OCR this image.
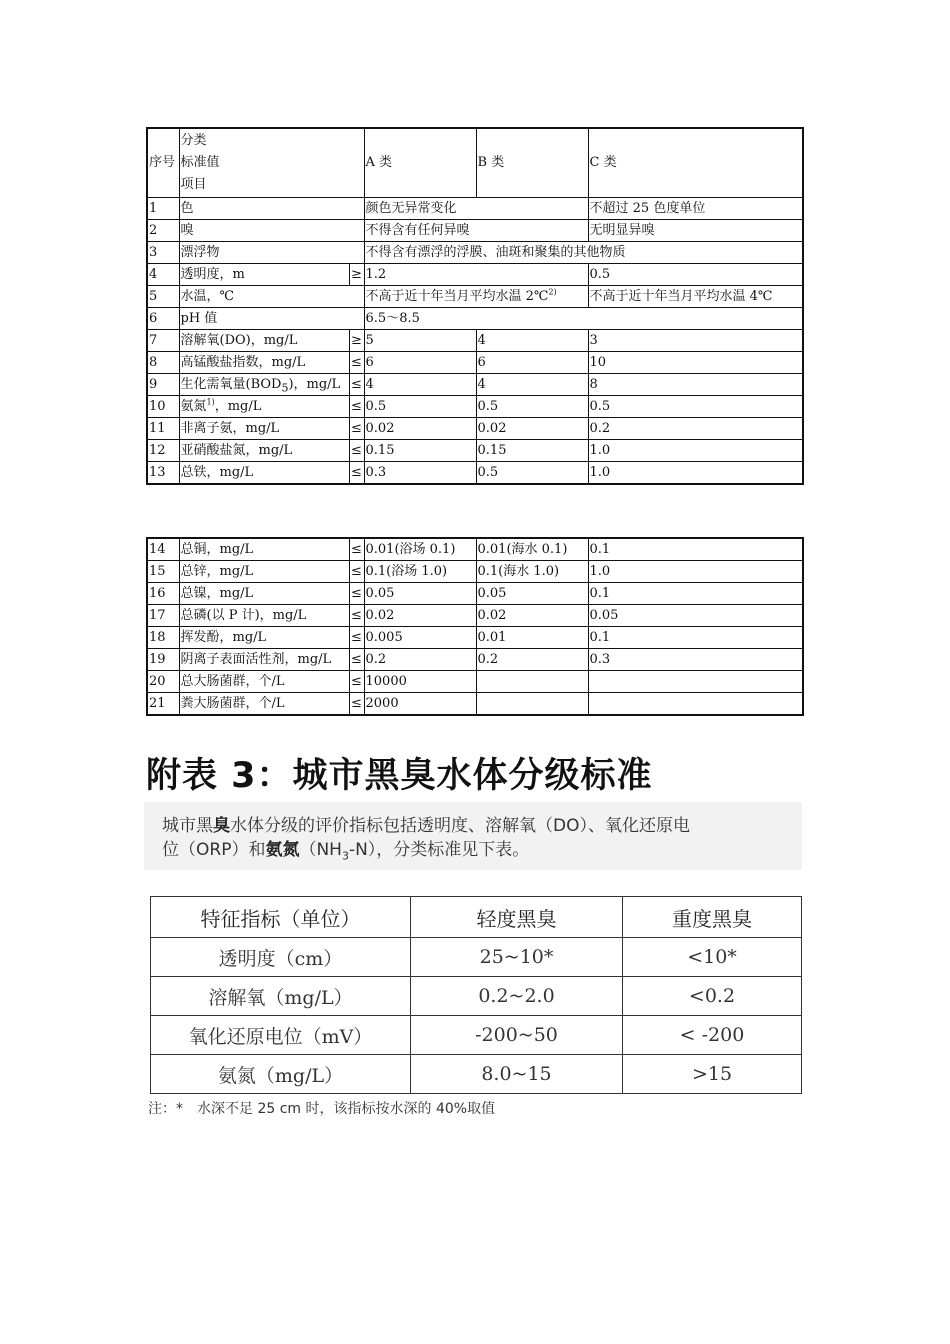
序号	分类
标准值
项目		A 类	B 类	C 类
1	色		颜色无异常变化		不超过 25 色度单位
2	嗅		不得含有任何异嗅		无明显异嗅
3	漂浮物		不得含有漂浮的浮膜、油斑和聚集的其他物质		
4	透明度，m	≥	1.2		0.5
5	水温，℃		不高于近十年当月平均水温 2℃$^{2)}$		不高于近十年当月平均水温 4℃
6	pH 值		6.5～8.5		
7	溶解氧(DO)，mg/L	≥	5	4	3
8	高锰酸盐指数，mg/L	≤	6	6	10
9	生化需氧量$(BOD_5)$，mg/L	≤	4	4	8
10	氨氮$^{1)}$，mg/L	≤	0.5	0.5	0.5
11	非离子氨，mg/L	≤	0.02	0.02	0.2
12	亚硝酸盐氮，mg/L	≤	0.15	0.15	1.0
13	总铁，mg/L	≤	0.3	0.5	1.0
14	总铜，mg/L	≤	0.01(浴场 0.1)	0.01(海水 0.1)	0.1
15	总锌，mg/L	≤	0.1(浴场 1.0)	0.1(海水 1.0)	1.0
16	总镍，mg/L	≤	0.05	0.05	0.1
17	总磷(以 P 计)，mg/L	≤	0.02	0.02	0.05
18	挥发酚，mg/L	≤	0.005	0.01	0.1
19	阴离子表面活性剂，mg/L	≤	0.2	0.2	0.3
20	总大肠菌群，个/L	≤	10000		
21	粪大肠菌群，个/L	≤	2000		
附表 3：城市黑臭水体分级标准
城市黑臭水体分级的评价指标包括透明度、溶解氧（DO）、氧化还原电
位（ORP）和氨氮$(NH_3-N)$，分类标准见下表。
特征指标（单位）	轻度黑臭	重度黑臭
透明度（cm）	25~10*	<10*
溶解氧（mg/L）	0.2~2.0	<0.2
氧化还原电位（mV）	-200~50	< -200
氨氮（mg/L）	8.0~15	>15
注：*　水深不足 25 cm 时，该指标按水深的 40%取值
